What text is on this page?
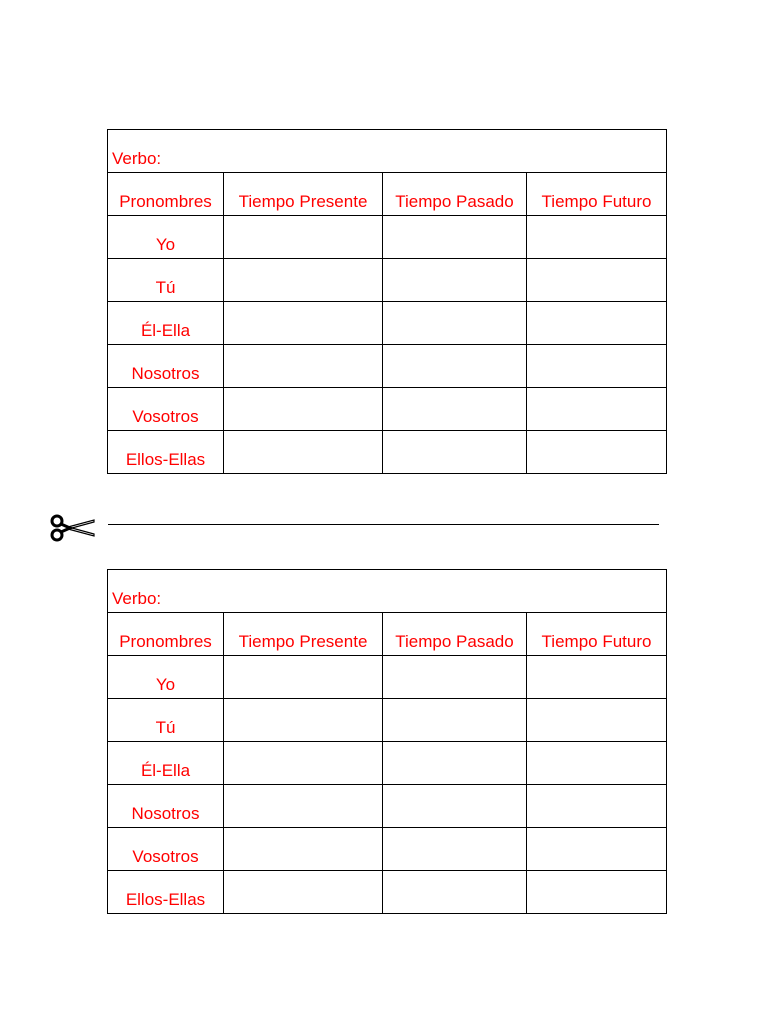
Verbo:			
Pronombres	Tiempo Presente	Tiempo Pasado	Tiempo Futuro
Yo			
Tú			
Él-Ella			
Nosotros			
Vosotros			
Ellos-Ellas			
Verbo:			
Pronombres	Tiempo Presente	Tiempo Pasado	Tiempo Futuro
Yo			
Tú			
Él-Ella			
Nosotros			
Vosotros			
Ellos-Ellas			
